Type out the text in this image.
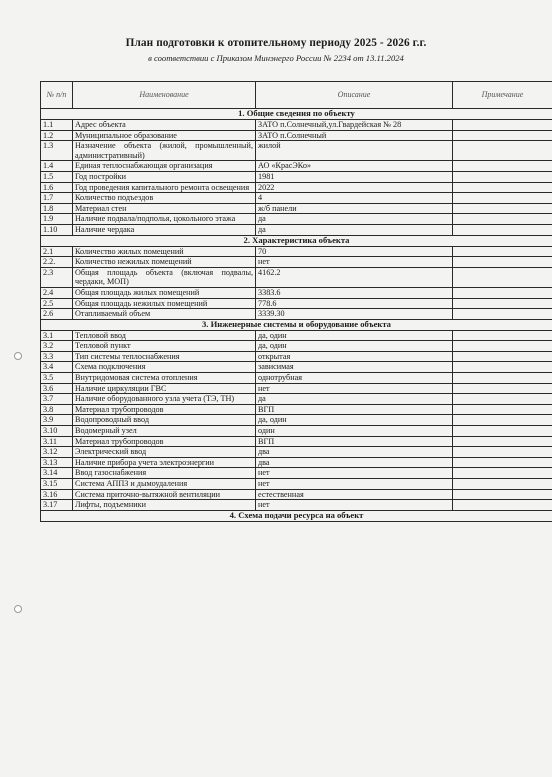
План подготовки к отопительному периоду 2025 - 2026 г.г.
в соответствии с Приказом Минэнерго России № 2234 от 13.11.2024
№ п/п	Наименование	Описание	Примечание
1. Общие сведения по объекту			
1.1	Адрес объекта	ЗАТО п.Солнечный,ул.Гвардейская № 28	
1.2	Муниципальное образование	ЗАТО п.Солнечный	
1.3	Назначение объекта (жилой, промышленный, административный)	жилой	
1.4	Единая теплоснабжающая организация	АО «КрасЭКо»	
1.5	Год постройки	1981	
1.6	Год проведения капитального ремонта освещения	2022	
1.7	Количество подъездов	4	
1.8	Материал стен	ж/б панели	
1.9	Наличие подвала/подполья, цокольного этажа	да	
1.10	Наличие чердака	да	
2. Характеристика объекта			
2.1	Количество жилых помещений	70	
2.2.	Количество нежилых помещений	нет	
2.3	Общая площадь объекта (включая подвалы, чердаки, МОП)	4162.2	
2.4	Общая площадь жилых помещений	3383.6	
2.5	Общая площадь нежилых помещений	778.6	
2.6	Отапливаемый объем	3339.30	
3. Инженерные системы и оборудование объекта			
3.1	Тепловой ввод	да, один	
3.2	Тепловой пункт	да, один	
3.3	Тип системы теплоснабжения	открытая	
3.4	Схема подключения	зависимая	
3.5	Внутридомовая система отопления	однотрубная	
3.6	Наличие циркуляции ГВС	нет	
3.7	Наличие оборудованного узла учета (ТЭ, ТН)	да	
3.8	Материал трубопроводов	ВГП	
3.9	Водопроводный ввод	да, один	
3.10	Водомерный узел	один	
3.11	Материал трубопроводов	ВГП	
3.12	Электрический ввод	два	
3.13	Наличие прибора учета электроэнергии	два	
3.14	Ввод газоснабжения	нет	
3.15	Система АППЗ и дымоудаления	нет	
3.16	Система приточно-вытяжной вентиляции	естественная	
3.17	Лифты, подъемники	нет	
4. Схема подачи ресурса на объект			
